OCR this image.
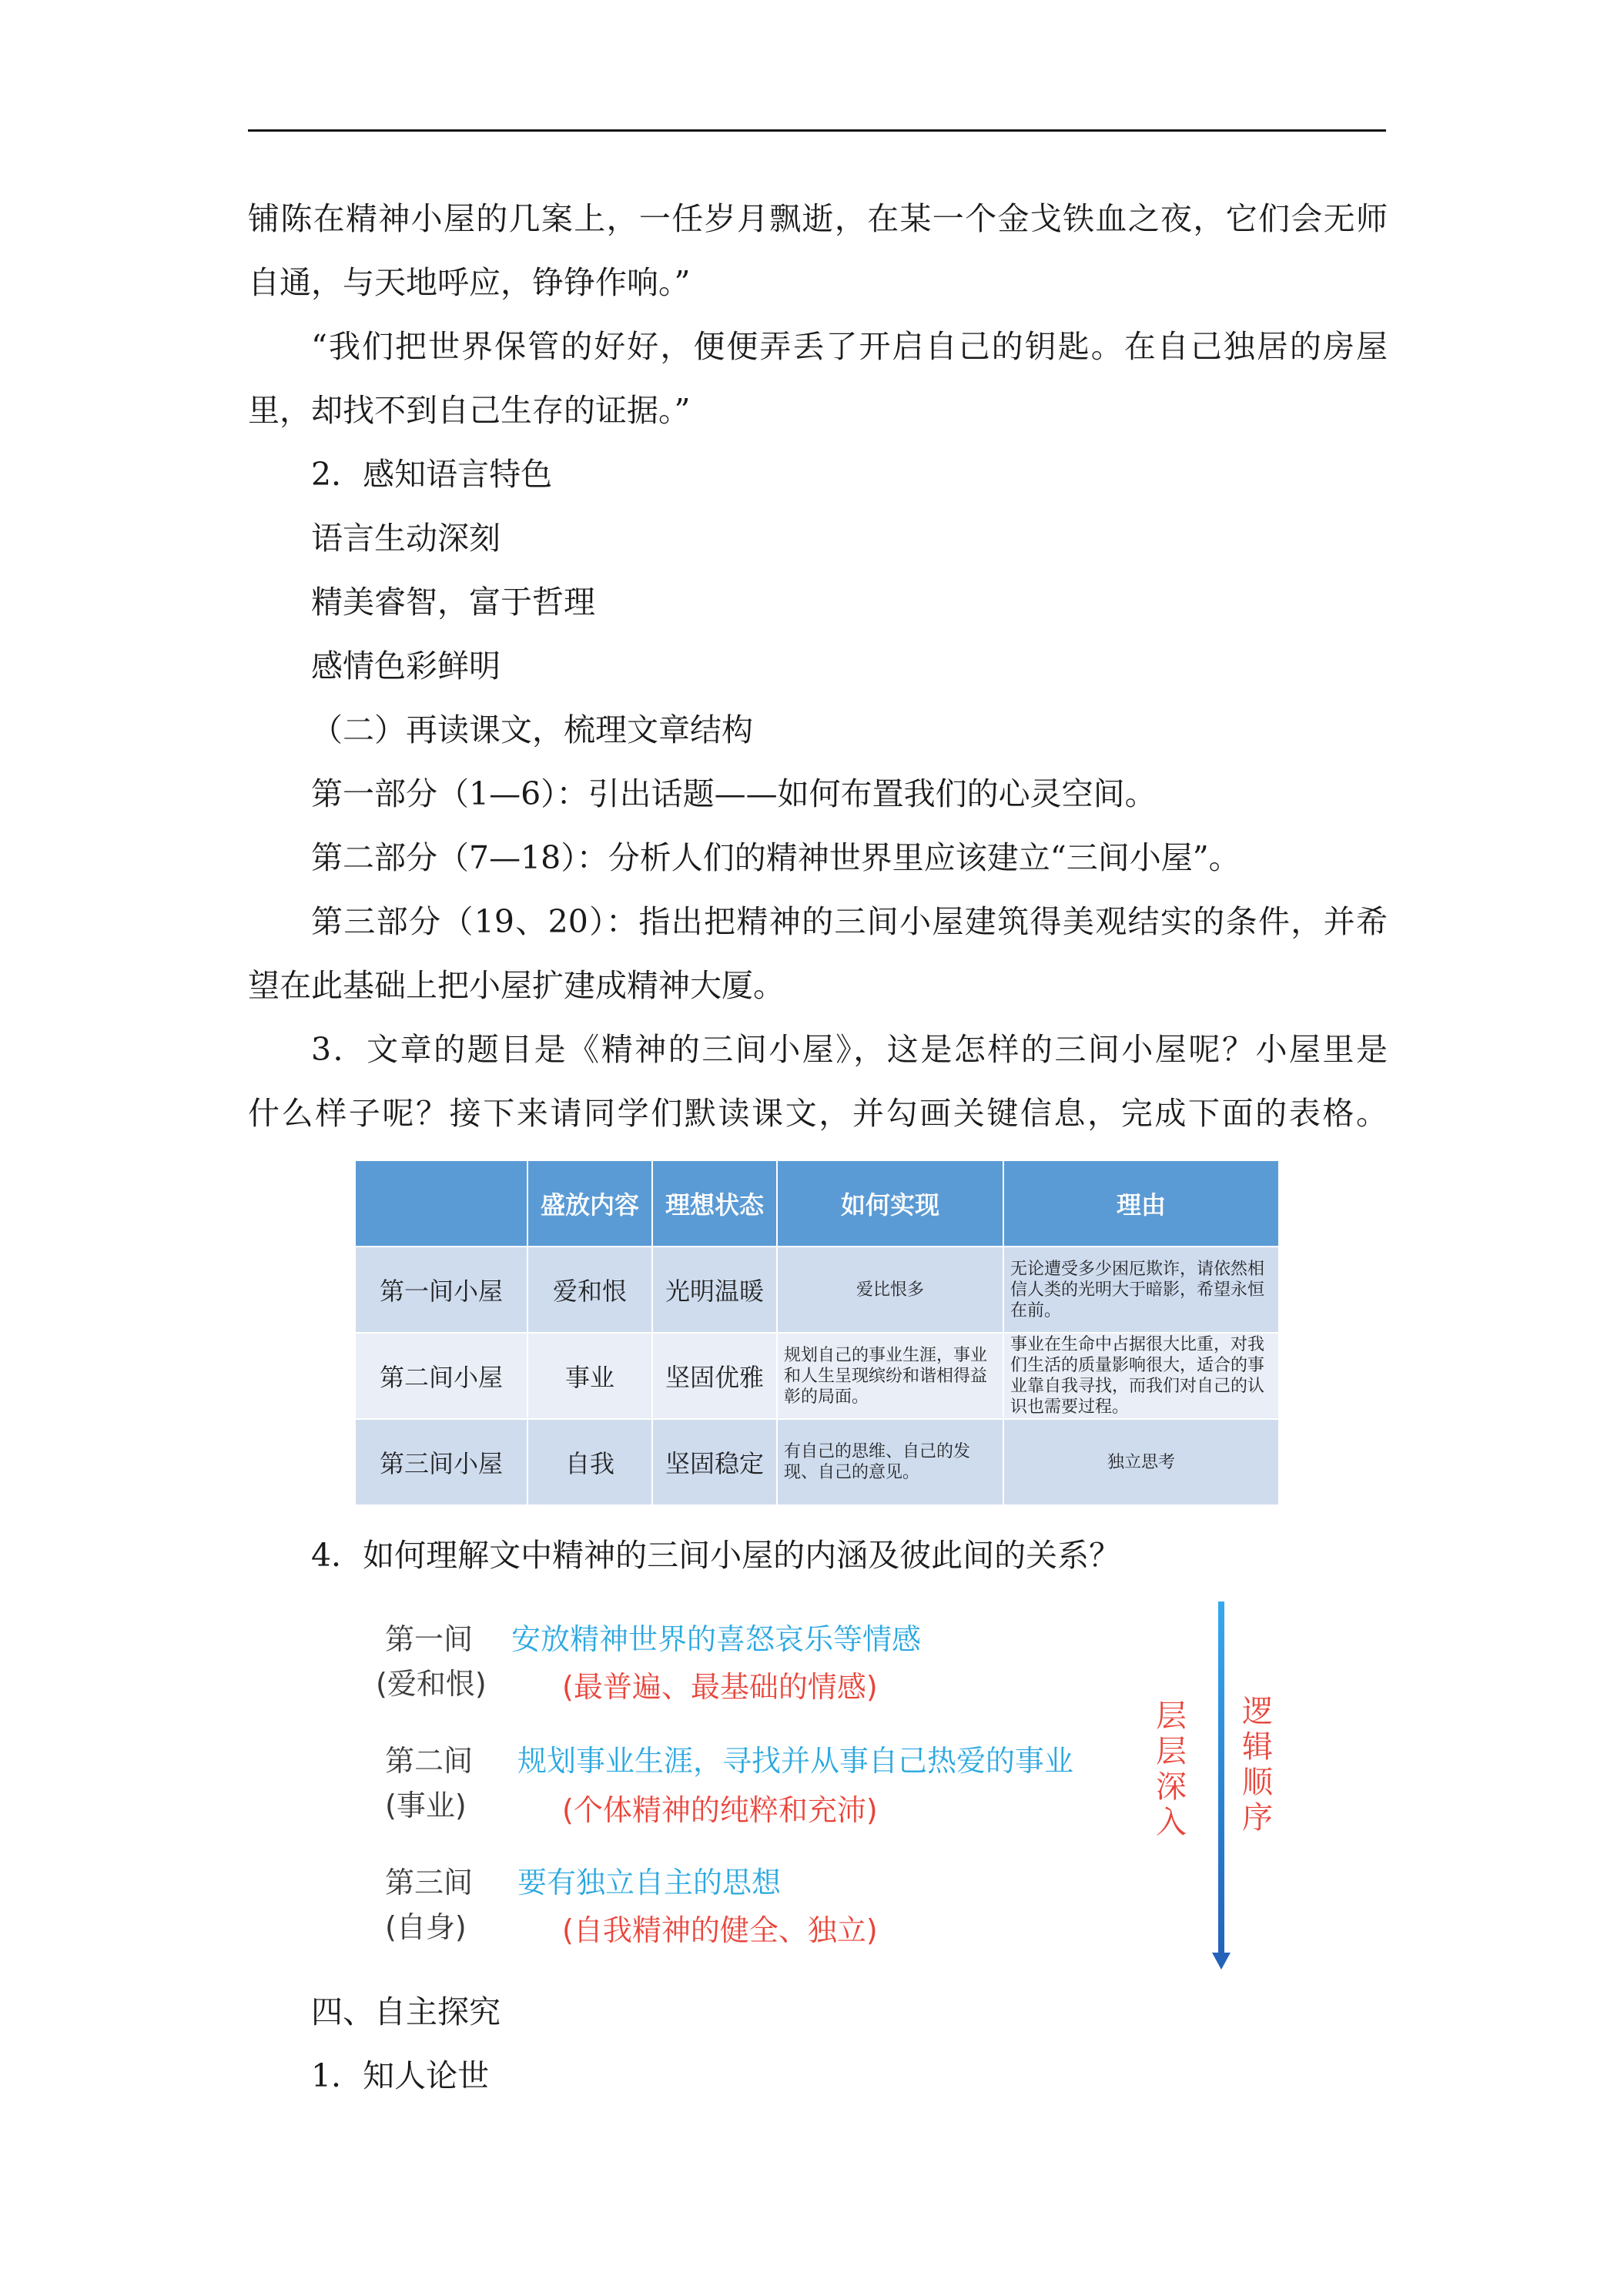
铺陈在精神小屋的几案上，一任岁月飘逝，在某一个金戈铁血之夜，它们会无师
自通，与天地呼应，铮铮作响。”
“我们把世界保管的好好，便便弄丢了开启自己的钥匙。在自己独居的房屋
里，却找不到自己生存的证据。”
2．感知语言特色
语言生动深刻
精美睿智，富于哲理
感情色彩鲜明
（二）再读课文，梳理文章结构
第一部分（1—6）：引出话题——如何布置我们的心灵空间。
第二部分（7—18）：分析人们的精神世界里应该建立“三间小屋”。
第三部分（19、20）：指出把精神的三间小屋建筑得美观结实的条件，并希
望在此基础上把小屋扩建成精神大厦。
3．文章的题目是《精神的三间小屋》，这是怎样的三间小屋呢？小屋里是
什么样子呢？接下来请同学们默读课文，并勾画关键信息，完成下面的表格。
	盛放内容	理想状态	如何实现	理由
第一间小屋	爱和恨	光明温暖	爱比恨多	无论遭受多少困厄欺诈，请依然相信人类的光明大于暗影，希望永恒在前。
第二间小屋	事业	坚固优雅	规划自己的事业生涯，事业和人生呈现缤纷和谐相得益彰的局面。	事业在生命中占据很大比重，对我们生活的质量影响很大，适合的事业靠自我寻找，而我们对自己的认识也需要过程。
第三间小屋	自我	坚固稳定	有自己的思维、自己的发现、自己的意见。	独立思考
4．如何理解文中精神的三间小屋的内涵及彼此间的关系？
第一间
(爱和恨)
安放精神世界的喜怒哀乐等情感
(最普遍、最基础的情感)
第二间
(事业)
规划事业生涯，寻找并从事自己热爱的事业
(个体精神的纯粹和充沛)
第三间
(自身)
要有独立自主的思想
(自我精神的健全、独立)
层层深入
逻辑顺序
四、自主探究
1．知人论世
